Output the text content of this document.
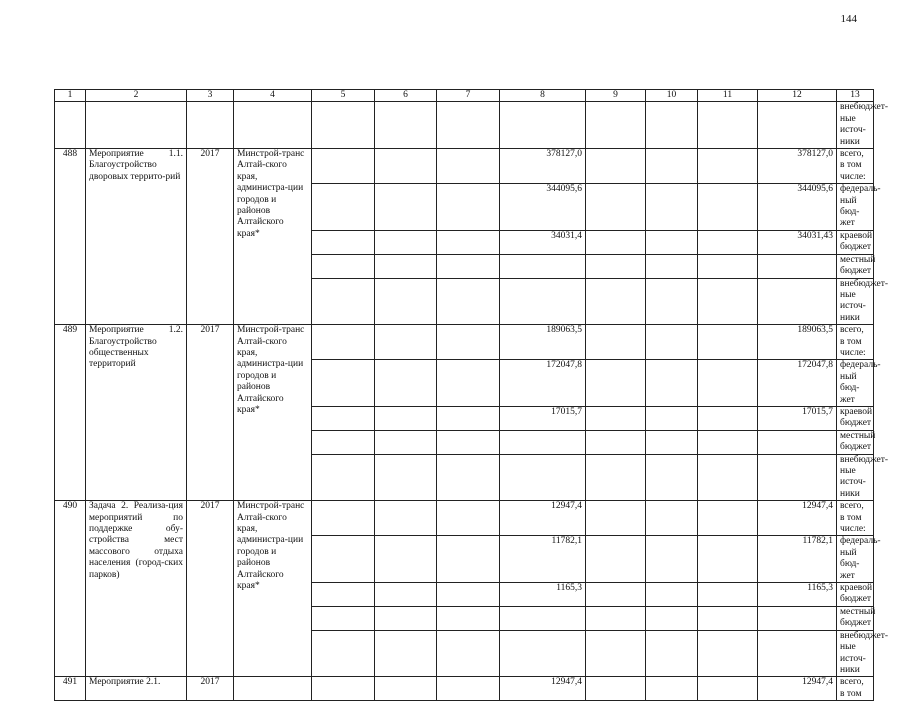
144
1	2	3	4	5	6	7	8	9	10	11	12	13
												внебюджет-ные источ-ники
488	Мероприятие 1.1. Благоустройство дворовых террито-рий	2017	Минстрой-транс Алтай-ского края, администра-ции городов и районов Алтайского края*				378127,0				378127,0	всего, в том числе:
							344095,6				344095,6	федераль-ный бюд-жет
							34031,4				34031,43	краевой бюджет
												местный бюджет
												внебюджет-ные источ-ники
489	Мероприятие 1.2. Благоустройство общественных территорий	2017	Минстрой-транс Алтай-ского края, администра-ции городов и районов Алтайского края*				189063,5				189063,5	всего, в том числе:
							172047,8				172047,8	федераль-ный бюд-жет
							17015,7				17015,7	краевой бюджет
												местный бюджет
												внебюджет-ные источ-ники
490	Задача 2. Реализа-ция мероприятий по поддержке обу-стройства мест массового отдыха населения (город-ских парков)	2017	Минстрой-транс Алтай-ского края, администра-ции городов и районов Алтайского края*				12947,4				12947,4	всего, в том числе:
							11782,1				11782,1	федераль-ный бюд-жет
							1165,3				1165,3	краевой бюджет
												местный бюджет
												внебюджет-ные источ-ники
491	Мероприятие 2.1.	2017					12947,4				12947,4	всего, в том
